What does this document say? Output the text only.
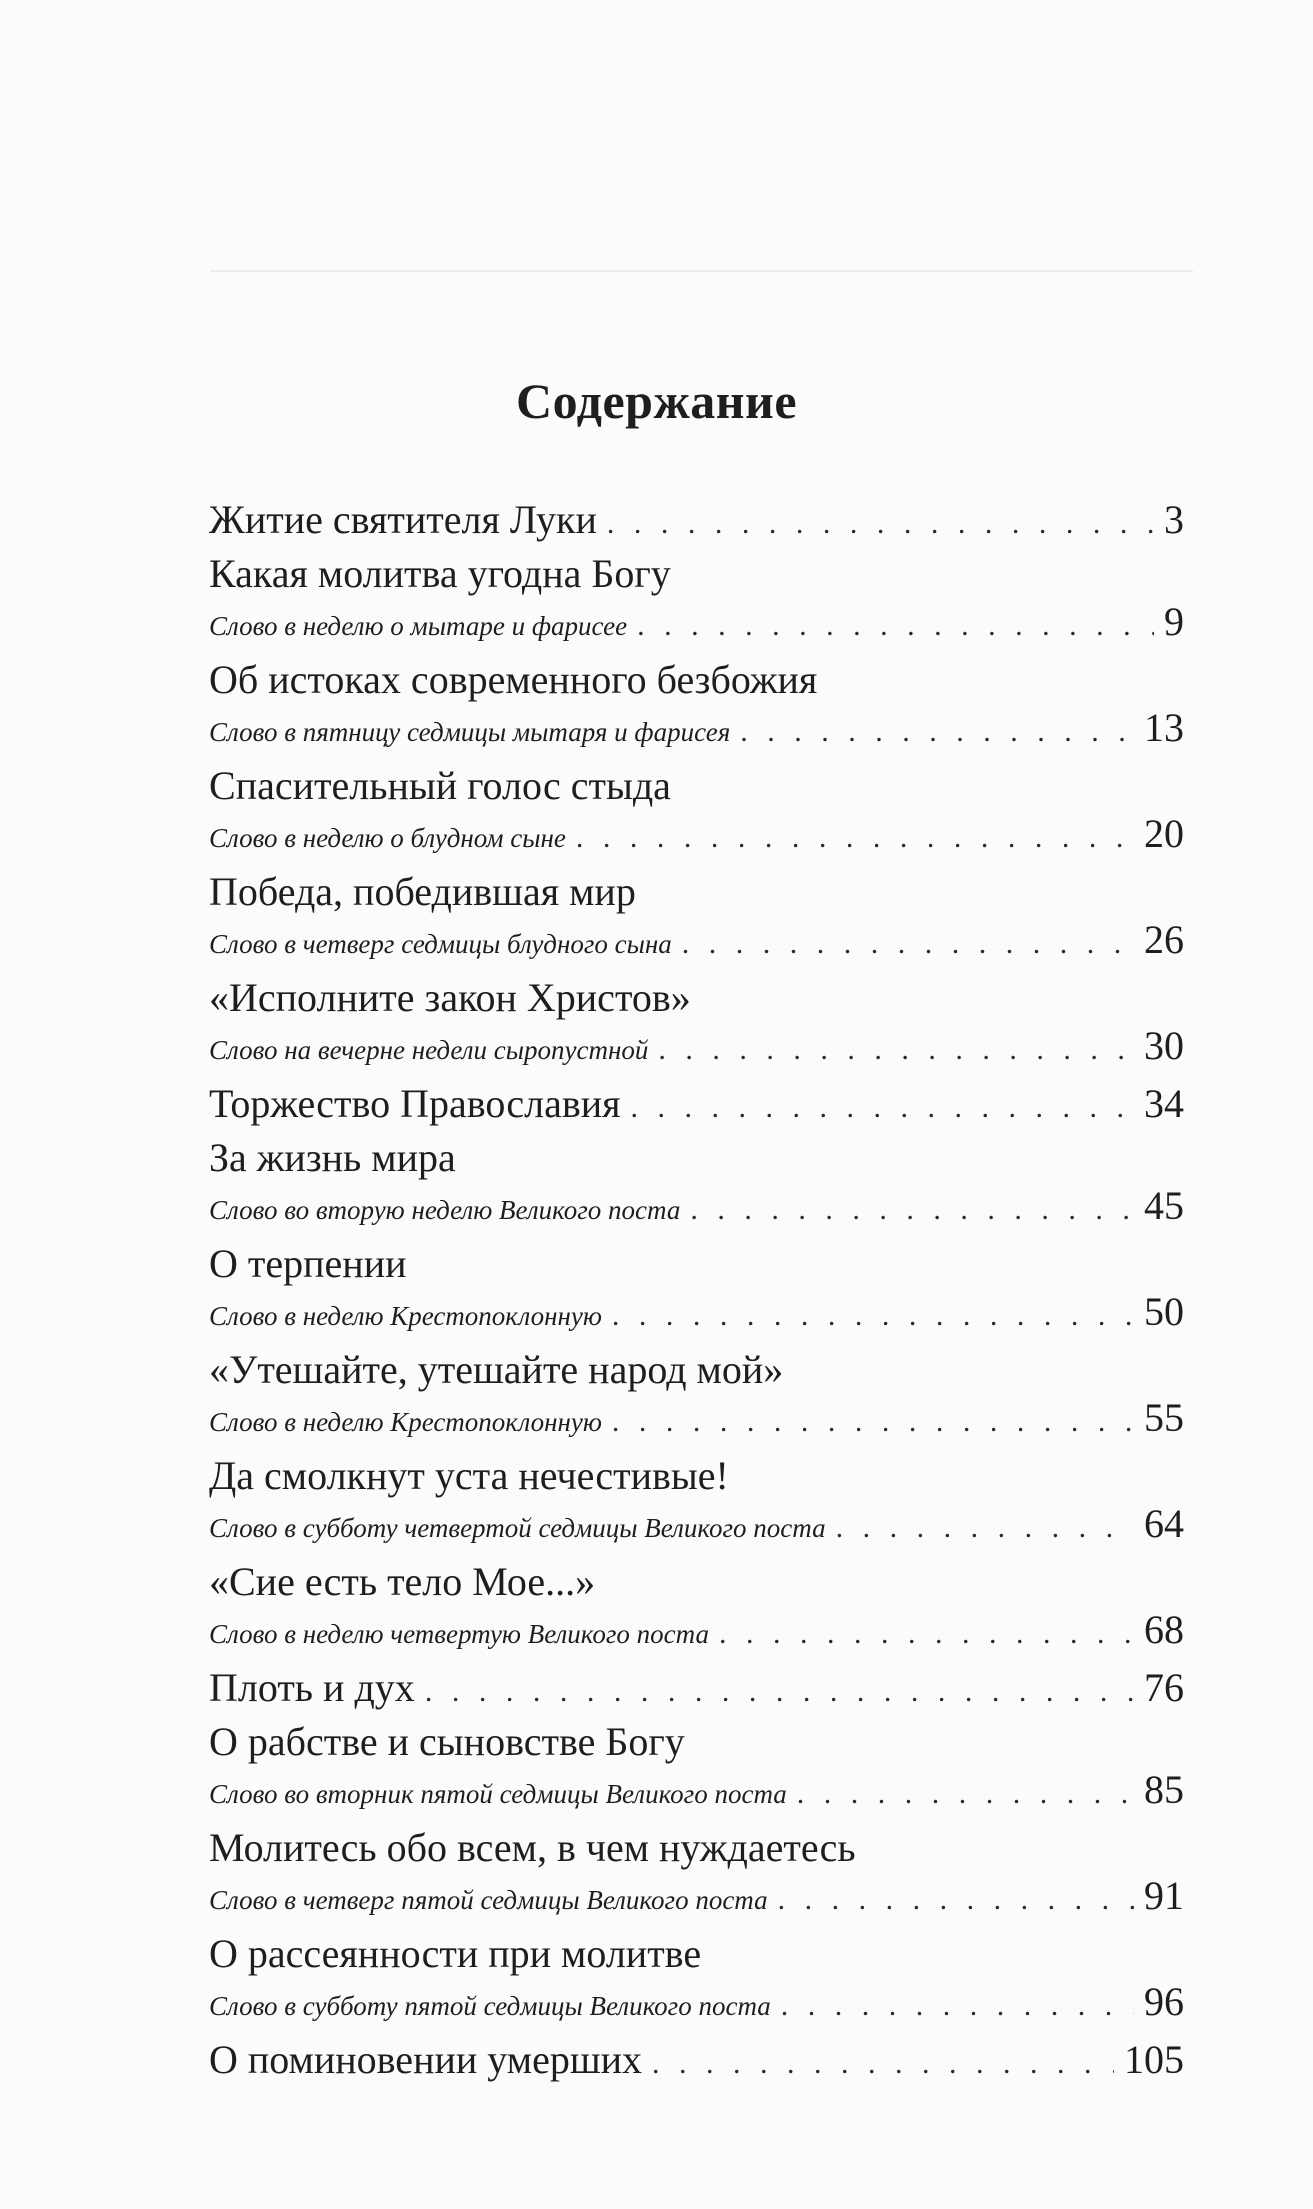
Содержание
Житие святителя Луки . . .	3
Какая молитва угодна Богу
Слово в неделю о мытаре и фарисее . . .	9
Об истоках современного безбожия
Слово в пятницу седмицы мытаря и фарисея . . .	13
Спасительный голос стыда
Слово в неделю о блудном сыне . . .	20
Победа, победившая мир
Слово в четверг седмицы блудного сына . . .	26
«Исполните закон Христов»
Слово на вечерне недели сыропустной . . .	30
Торжество Православия . . .	34
За жизнь мира
Слово во вторую неделю Великого поста . . .	45
О терпении
Слово в неделю Крестопоклонную . . .	50
«Утешайте, утешайте народ мой»
Слово в неделю Крестопоклонную . . .	55
Да смолкнут уста нечестивые!
Слово в субботу четвертой седмицы Великого поста . . .	64
«Сие есть тело Мое...»
Слово в неделю четвертую Великого поста . . .	68
Плоть и дух . . .	76
О рабстве и сыновстве Богу
Слово во вторник пятой седмицы Великого поста . . .	85
Молитесь обо всем, в чем нуждаетесь
Слово в четверг пятой седмицы Великого поста . . .	91
О рассеянности при молитве
Слово в субботу пятой седмицы Великого поста . . .	96
О поминовении умерших . . .	105
